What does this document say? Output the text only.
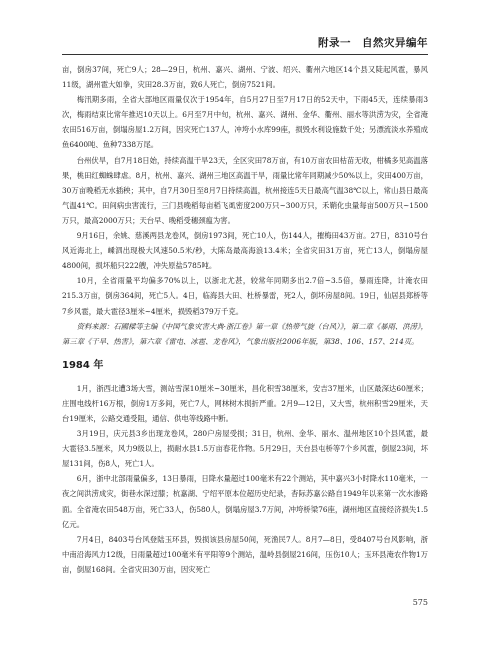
附录一　自然灾异编年

亩，倒房37间，死亡9人；28—29日，杭州、嘉兴、湖州、宁波、绍兴、衢州六地区14个县又陡起风雹，暴风11级，湖州雹大如拳，灾田28.3万亩，致6人死亡，倒房7521间。

梅汛期多雨，全省大部地区雨量仅次于1954年，自5月27日至7月17日的52天中，下雨45天，连续暴雨3次，梅雨结束比常年推迟10天以上。6月至7月中旬，杭州、嘉兴、湖州、金华、衢州、丽水等洪涝为灾，全省淹农田516万亩，倒塌房屋1.2万间，因灾死亡137人，冲垮小水库99座，损毁水利设施数千处；另漂流淡水养殖成鱼6400吨、鱼种7338万尾。

台州伏旱，自7月18日始，持续高温干旱23天，全区灾田78万亩，有10万亩农田枯苗无收，柑橘多见高温落果，桃田红蜘蛛肆虐。8月，杭州、嘉兴、湖州三地区高温干旱，雨量比常年同期减少50%以上，灾田400万亩，30万亩晚稻无水插秧；其中，自7月30日至8月7日持续高温，杭州接连5天日最高气温38℃以上，常山县日最高气温41℃。田间病虫害流行，三门县晚稻每亩稻飞虱密度200万只~300万只，禾鞘化虫量每亩500万只~1500万只，最高2000万只；天台早、晚稻受穗颈瘟为害。

9月16日，余姚、慈溪两县龙卷风，倒房1973间，死亡10人，伤144人，摧梅田43万亩。27日，8310号台风近海北上，嵊泗出现极大风速50.5米/秒，大陈岛最高海浪13.4米；全省灾田31万亩，死亡13人，倒塌房屋4800间，损坏船只222艘，冲失原盐5785吨。

10月，全省雨量平均偏多70%以上，以浙北尤甚，较常年同期多出2.7倍~3.5倍，暴雨连降，计淹农田215.3万亩，倒房364间，死亡5人。4日，临海县大田、杜桥暴雷，死2人，倒坏房屋8间。19日，仙居县郑桥等7乡风雹，最大雹径3厘米~4厘米，损毁稻379万千克。

资料来源：石國樑等主编《中国气象灾害大典·浙江卷》第一章《热带气旋（台风）》，第二章《暴雨、洪涝》，第三章《干旱、热害》，第六章《雷电、冰雹、龙卷风》，气象出版社2006年版，第38、106、157、214页。

1984 年

1月，浙西北遭3场大雪，测站雪深10厘米~30厘米，昌化积雪38厘米，安吉37厘米，山区最深达60厘米；庄围电线杆16万根，倒房1万多间，死亡7人，网林树木损折严重。2月9—12日，又大雪，杭州积雪29厘米，天台19厘米，公路交通受阻，通信、供电等线路中断。

3月19日，庆元县3乡出现龙卷风，280户房屋受损；31日，杭州、金华、丽水、温州地区10个县风雹，最大雹径3.5厘米，风力9级以上，损耐水县1.5万亩春花作物。5月29日，天台县屯桥等7个乡风雹，倒屋23间，坏屋131间，伤8人，死亡1人。

6月，浙中北部雨量偏多，13日暴雨，日降水量超过100毫米有22个测站，其中嘉兴3小时降水110毫米，一夜之间洪涝成灾，街巷水深过膝；杭嘉湖、宁绍平原本位超历史纪录，杳际苏嘉公路自1949年以来第一次水渗路面。全省淹农田548万亩，死亡33人，伤580人，倒塌房屋3.7万间，冲垮桥梁76座，湖州地区直接经济损失1.5亿元。

7月4日，8403号台风登陆玉环县，毁损该县房屋50间，死渔民7人。8月7—8日，受8407号台风影响，浙中南沿海风力12级，日雨量超过100毫米有平阳等9个测站，温岭县倒屋216间，压伤10人；玉环县淹农作物1万亩，倒屋168间。全省灾田30万亩，因灾死亡

575
